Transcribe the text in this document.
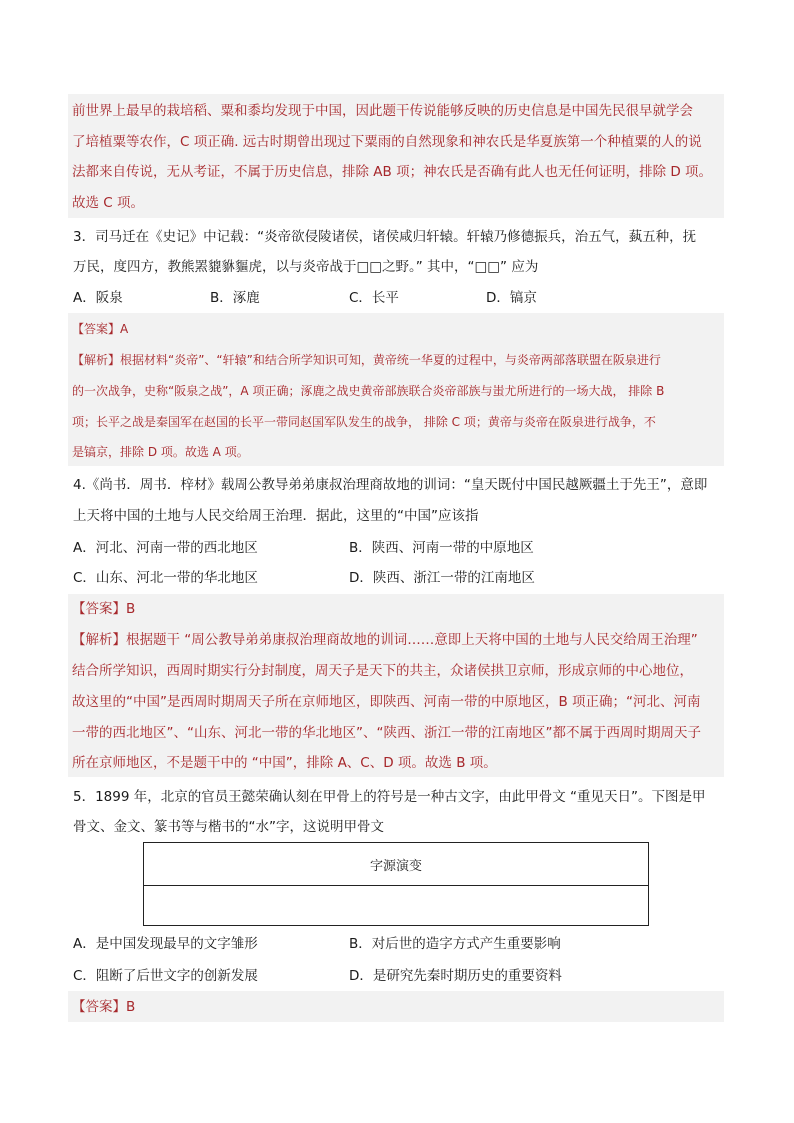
前世界上最早的栽培稻、粟和黍均发现于中国，因此题干传说能够反映的历史信息是中国先民很早就学会
了培植粟等农作，C 项正确. 远古时期曾出现过下粟雨的自然现象和神农氏是华夏族第一个种植粟的人的说
法都来自传说，无从考证，不属于历史信息，排除 AB 项；神农氏是否确有此人也无任何证明，排除 D 项。
故选 C 项。
3．司马迁在《史记》中记载：“炎帝欲侵陵诸侯，诸侯咸归轩辕。轩辕乃修德振兵，治五气，蓺五种，抚
万民，度四方，教熊罴貔貅貙虎，以与炎帝战于□□之野。” 其中，“□□” 应为
A．阪泉	B．涿鹿	C．长平	D．镐京
【答案】A
【解析】根据材料“炎帝”、“轩辕”和结合所学知识可知，黄帝统一华夏的过程中，与炎帝两部落联盟在阪泉进行
的一次战争，史称“阪泉之战”，A 项正确；涿鹿之战史黄帝部族联合炎帝部族与蚩尤所进行的一场大战， 排除 B
项；长平之战是秦国军在赵国的长平一带同赵国军队发生的战争， 排除 C 项；黄帝与炎帝在阪泉进行战争，不
是镐京，排除 D 项。故选 A 项。
4.《尚书．周书．梓材》载周公教导弟弟康叔治理商故地的训词：“皇天既付中国民越厥疆土于先王”，意即
上天将中国的土地与人民交给周王治理．据此，这里的“中国”应该指
A．河北、河南一带的西北地区	B．陕西、河南一带的中原地区
C．山东、河北一带的华北地区	D．陕西、浙江一带的江南地区
【答案】B
【解析】根据题干 “周公教导弟弟康叔治理商故地的训词……意即上天将中国的土地与人民交给周王治理”
结合所学知识，西周时期实行分封制度，周天子是天下的共主，众诸侯拱卫京师，形成京师的中心地位，
故这里的“中国”是西周时期周天子所在京师地区，即陕西、河南一带的中原地区，B 项正确；“河北、河南
一带的西北地区”、“山东、河北一带的华北地区”、“陕西、浙江一带的江南地区”都不属于西周时期周天子
所在京师地区，不是题干中的 “中国”，排除 A、C、D 项。故选 B 项。
5．1899 年，北京的官员王懿荣确认刻在甲骨上的符号是一种古文字，由此甲骨文 “重见天日”。下图是甲
骨文、金文、篆书等与楷书的“水”字，这说明甲骨文
字源演变
A．是中国发现最早的文字雏形	B．对后世的造字方式产生重要影响
C．阻断了后世文字的创新发展	D．是研究先秦时期历史的重要资料
【答案】B
